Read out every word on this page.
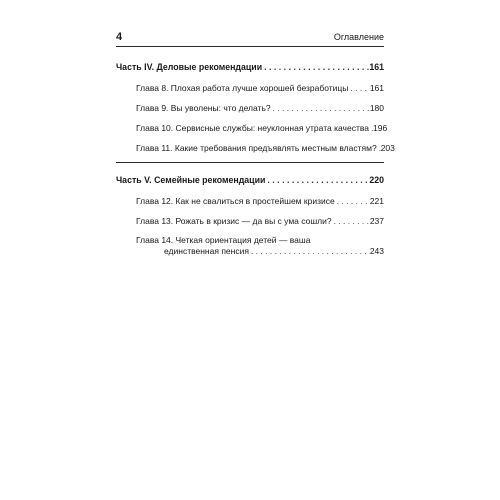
4	Оглавление
Часть IV. Деловые рекомендации . . .	161
Глава 8. Плохая работа лучше хорошей безработицы . . .	161
Глава 9. Вы уволены: что делать? . . .	180
Глава 10. Сервисные службы: неуклонная утрата качества . . . 196
Глава 11. Какие требования предъявлять местным властям? . . . 203
Часть V. Семейные рекомендации . . .	220
Глава 12. Как не свалиться в простейшем кризисе . . .	221
Глава 13. Рожать в кризис — да вы с ума сошли? . . .	237
Глава 14. Четкая ориентация детей — ваша
единственная пенсия . . .	243
